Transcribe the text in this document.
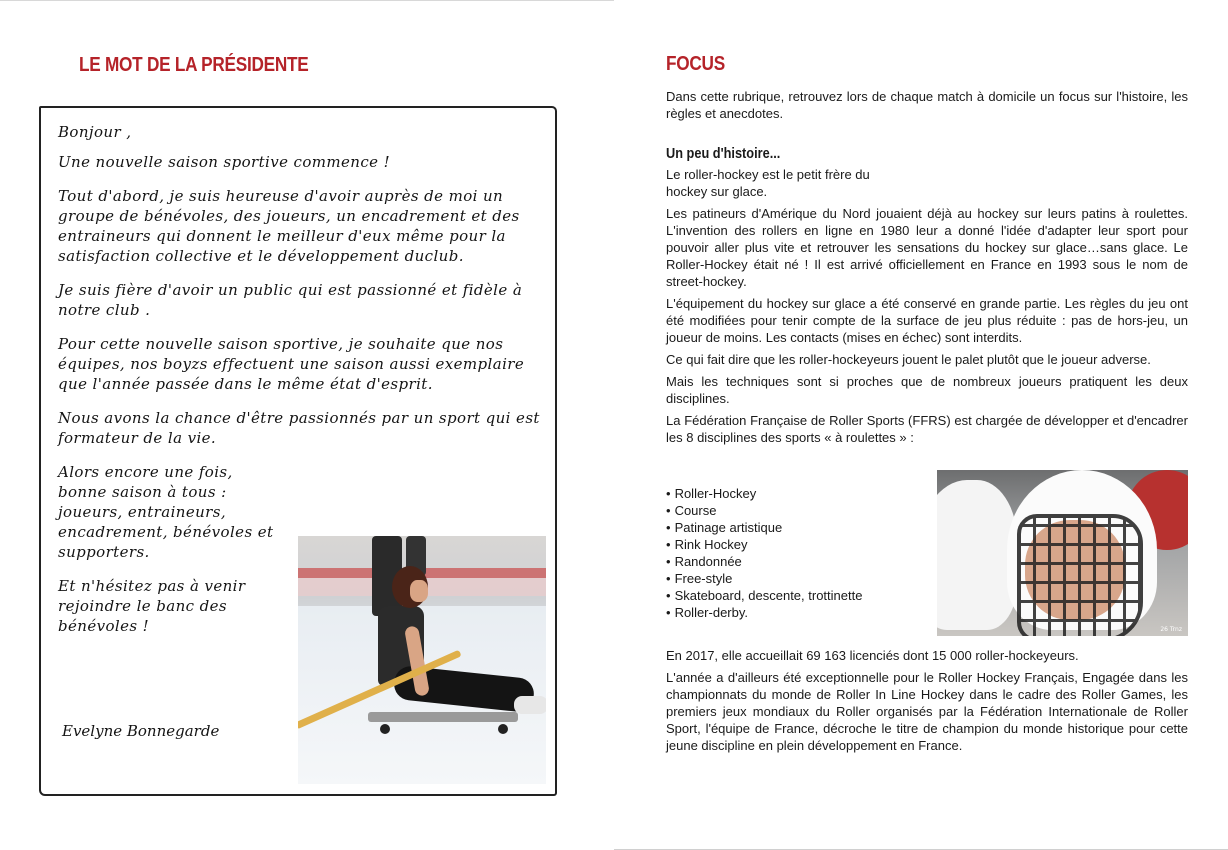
LE MOT DE LA PRÉSIDENTE	FOCUS

Dans cette rubrique, retrouvez lors de chaque match à domicile un focus sur l'histoire, les règles et anecdotes.

Un peu d'histoire...

Le roller-hockey est le petit frère du hockey sur glace.

Les patineurs d'Amérique du Nord jouaient déjà au hockey sur leurs patins à roulettes. L'invention des rollers en ligne en 1980 leur a donné l'idée d'adapter leur sport pour pouvoir aller plus vite et retrouver les sensations du hockey sur glace…sans glace. Le Roller-Hockey était né ! Il est arrivé officiellement en France en 1993 sous le nom de street-hockey.

L'équipement du hockey sur glace a été conservé en grande partie. Les règles du jeu ont été modifiées pour tenir compte de la surface de jeu plus réduite : pas de hors-jeu, un joueur de moins. Les contacts (mises en échec) sont interdits.

Ce qui fait dire que les roller-hockeyeurs jouent le palet plutôt que le joueur adverse.

Mais les techniques sont si proches que de nombreux joueurs pratiquent les deux disciplines.

La Fédération Française de Roller Sports (FFRS) est chargée de développer et d'encadrer les 8 disciplines des sports « à roulettes » :

• Roller-Hockey
• Course
• Patinage artistique
• Rink Hockey
• Randonnée
• Free-style
• Skateboard, descente, trottinette
• Roller-derby.
26 Trnz

En 2017, elle accueillait 69 163 licenciés dont 15 000 roller-hockeyeurs.

L'année a d'ailleurs été exceptionnelle pour le Roller Hockey Français, Engagée dans les championnats du monde de Roller In Line Hockey dans le cadre des Roller Games, les premiers jeux mondiaux du Roller organisés par la Fédération Internationale de Roller Sport, l'équipe de France, décroche le titre de champion du monde historique pour cette jeune discipline en plein développement en France.

Bonjour ,

Une nouvelle saison sportive commence !

Tout d'abord, je suis heureuse d'avoir auprès de moi un groupe de bénévoles, des joueurs, un encadrement et des entraineurs qui donnent le meilleur d'eux même pour la satisfaction collective et le développement duclub.

Je suis fière d'avoir un public qui est passionné et fidèle à notre club .

Pour cette nouvelle saison sportive, je souhaite que nos équipes, nos boyzs effectuent une saison aussi exemplaire que l'année passée dans le même état d'esprit.

Nous avons la chance d'être passionnés par un sport qui est formateur de la vie.

Alors encore une fois, bonne saison à tous : joueurs, entraineurs, encadrement, bénévoles et supporters.

Et n'hésitez pas à venir rejoindre le banc des bénévoles !

Evelyne Bonnegarde
